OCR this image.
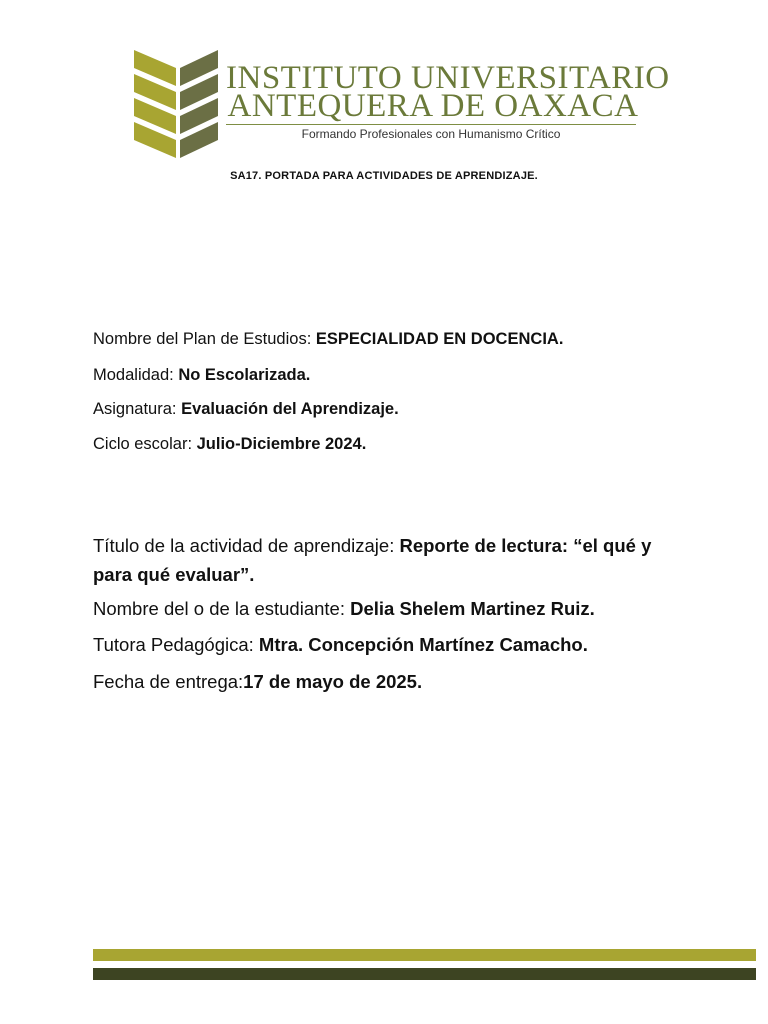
INSTITUTO UNIVERSITARIO
ANTEQUERA DE OAXACA
Formando Profesionales con Humanismo Crítico
SA17. PORTADA PARA ACTIVIDADES DE APRENDIZAJE.
Nombre del Plan de Estudios: ESPECIALIDAD EN DOCENCIA.
Modalidad: No Escolarizada.
Asignatura: Evaluación del Aprendizaje.
Ciclo escolar: Julio-Diciembre 2024.
Título de la actividad de aprendizaje: Reporte de lectura: “el qué y para qué evaluar”.
Nombre del o de la estudiante: Delia Shelem Martinez Ruiz.
Tutora Pedagógica: Mtra. Concepción Martínez Camacho.
Fecha de entrega:17 de mayo de 2025.
